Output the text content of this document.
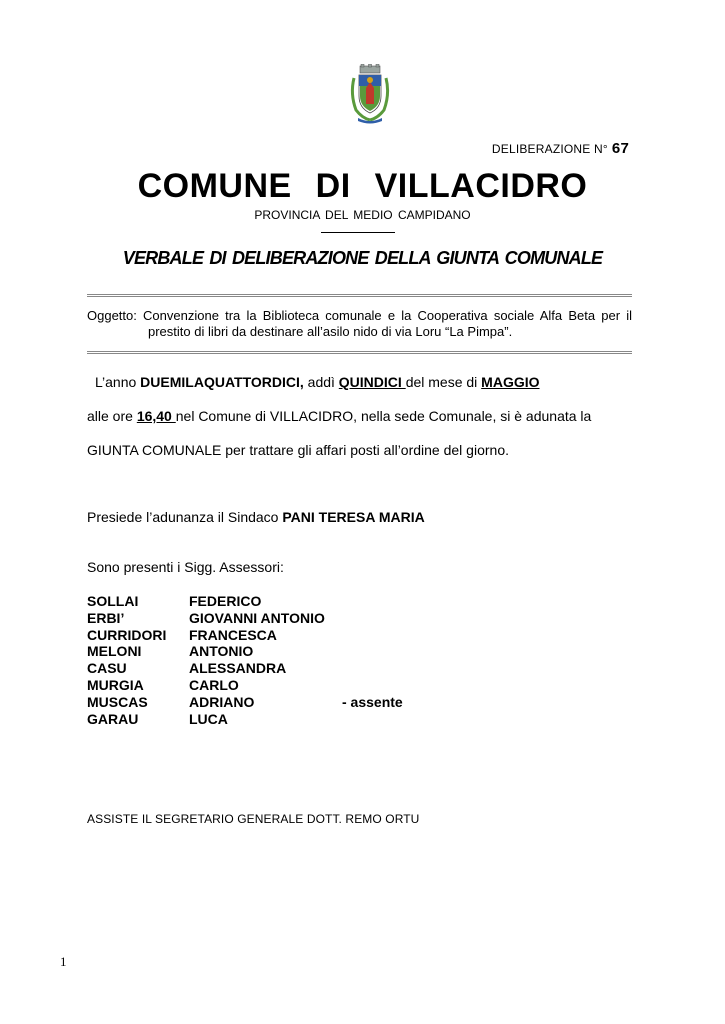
DELIBERAZIONE N° 67
COMUNE DI VILLACIDRO
PROVINCIA DEL MEDIO CAMPIDANO
VERBALE DI DELIBERAZIONE DELLA GIUNTA COMUNALE
Oggetto: Convenzione tra la Biblioteca comunale e la Cooperativa sociale Alfa Beta per il
prestito di libri da destinare all’asilo nido di via Loru “La Pimpa”.
L’anno DUEMILAQUATTORDICI, addì QUINDICI del mese di MAGGIO
alle ore 16,40 nel Comune di VILLACIDRO, nella sede Comunale, si è adunata la
GIUNTA COMUNALE per trattare gli affari posti all’ordine del giorno.
Presiede l’adunanza il Sindaco PANI TERESA MARIA
Sono presenti i Sigg. Assessori:
SOLLAI	FEDERICO
ERBI’	GIOVANNI ANTONIO
CURRIDORI FRANCESCA
MELONI	ANTONIO
CASU	ALESSANDRA
MURGIA	CARLO
MUSCAS	ADRIANO	- assente
GARAU	LUCA
ASSISTE IL SEGRETARIO GENERALE DOTT. REMO ORTU
1
